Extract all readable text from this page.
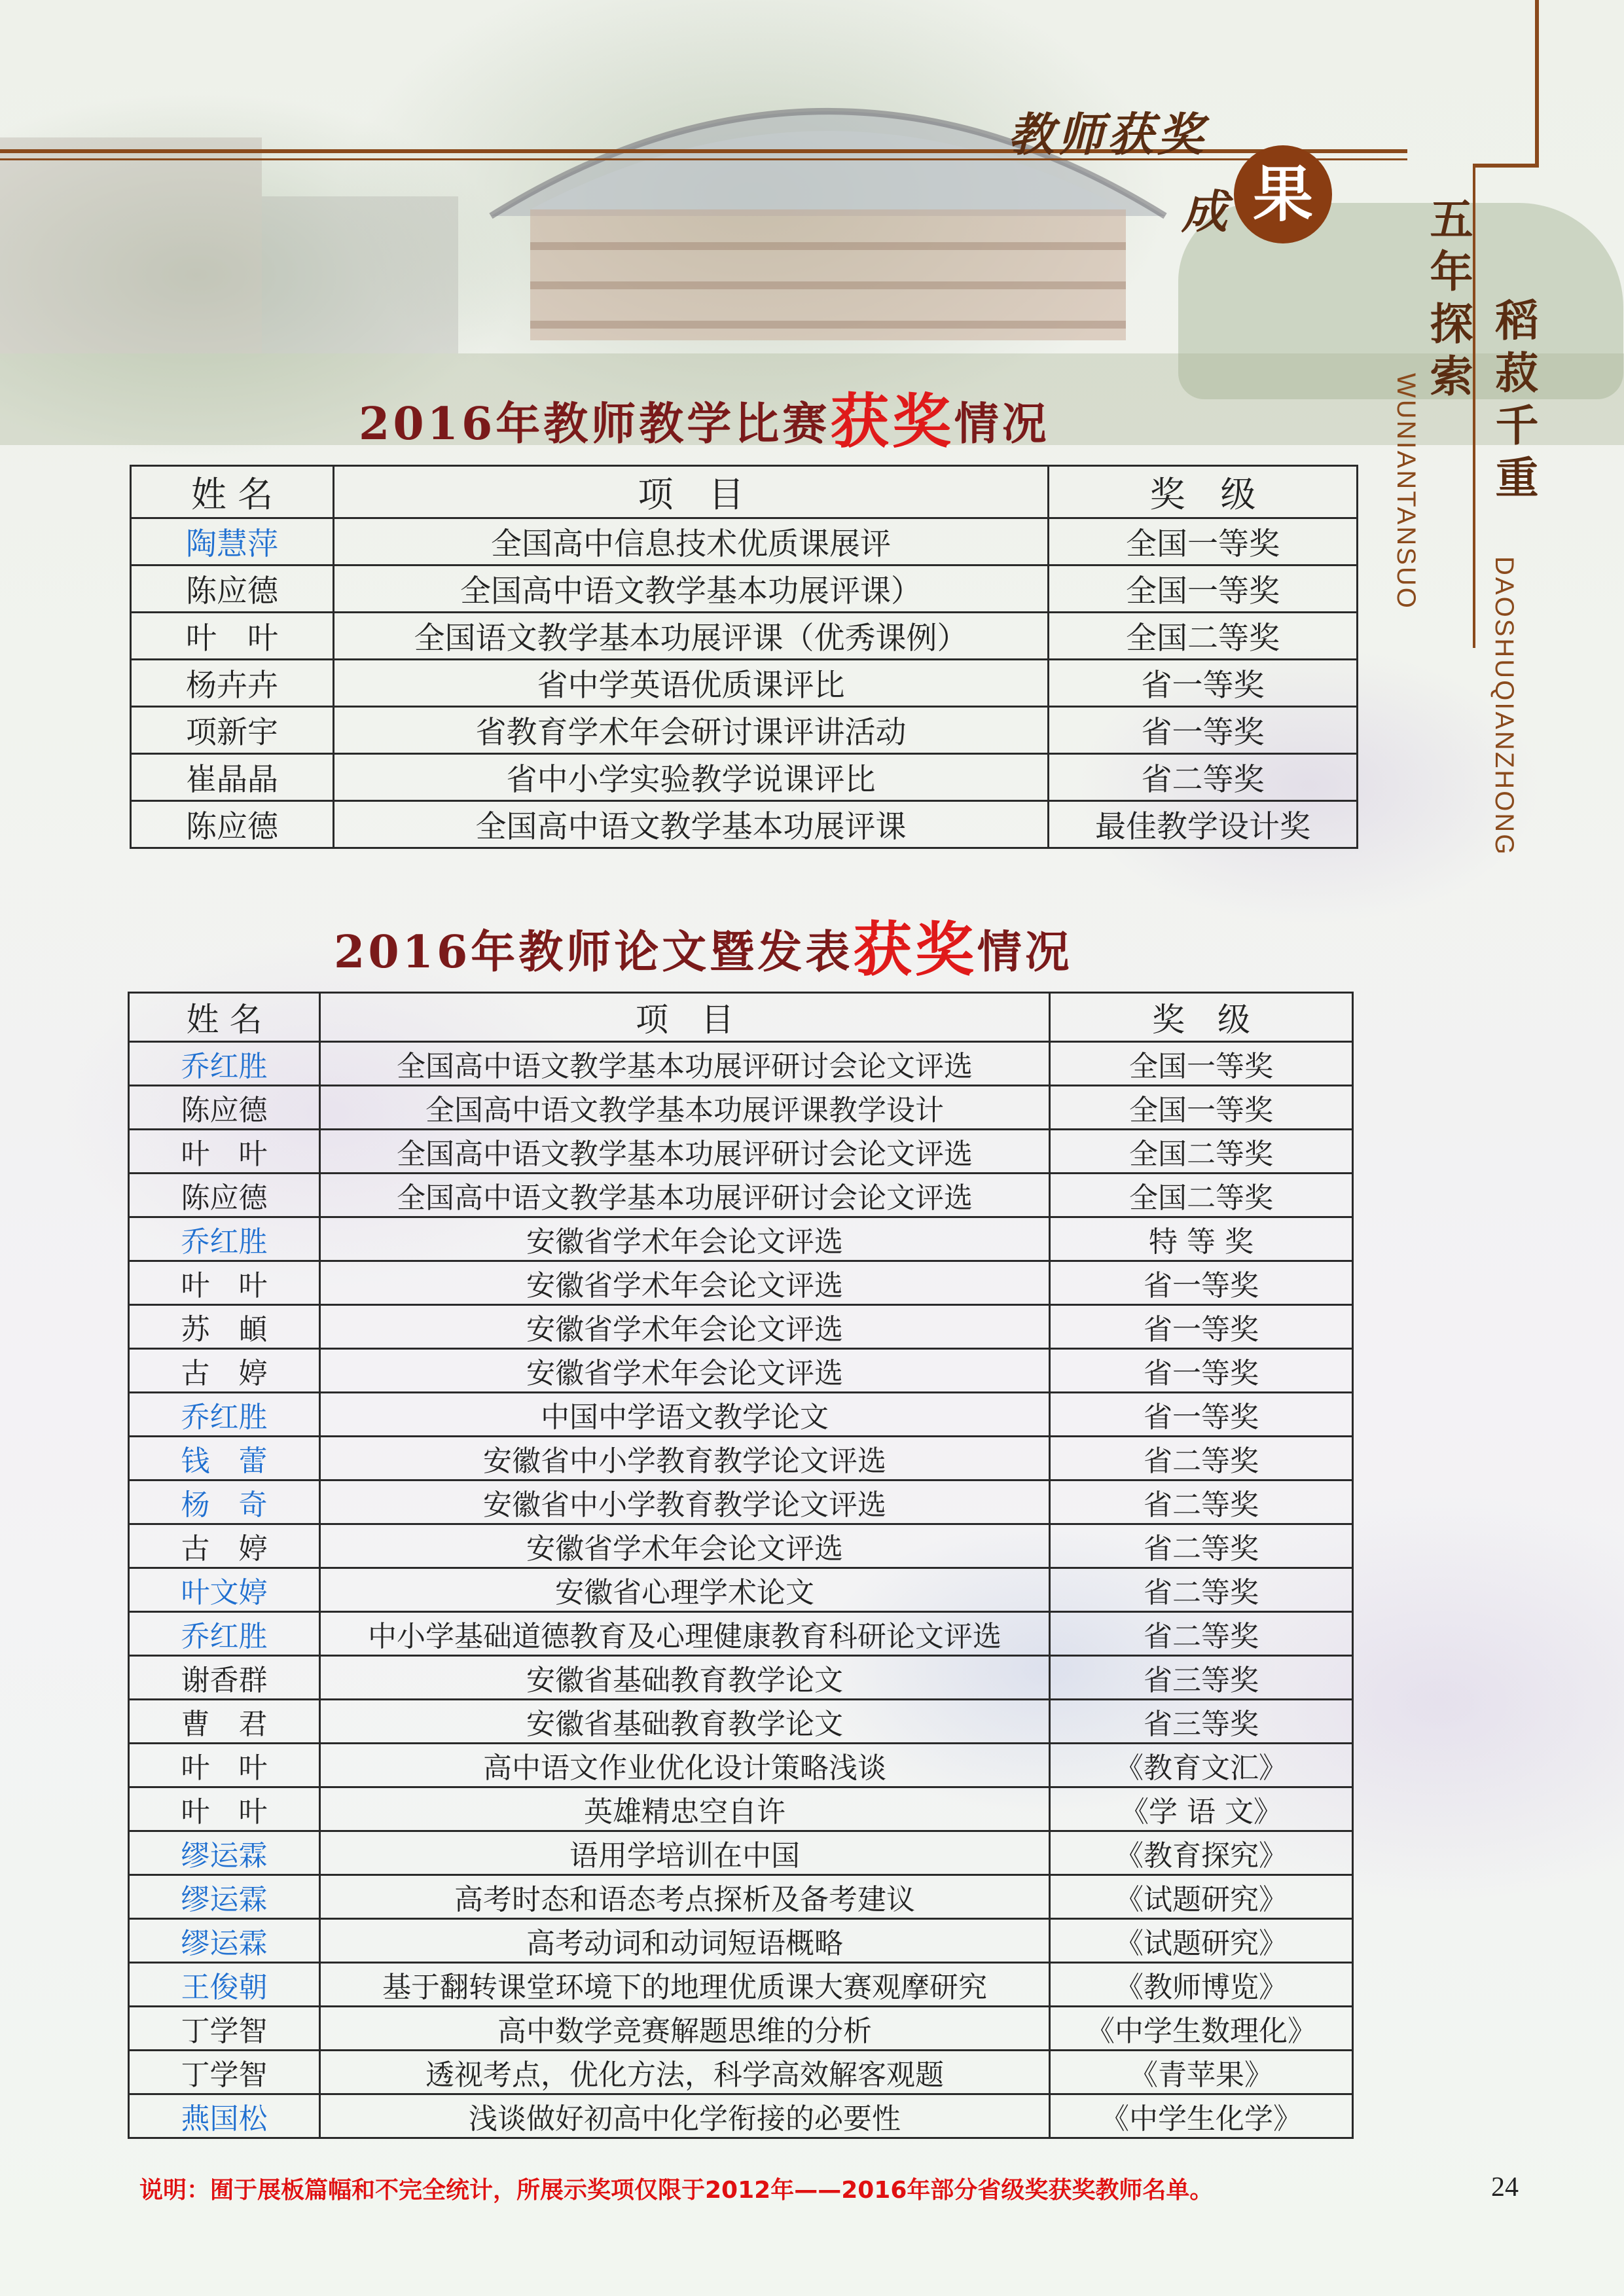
教师获奖
成 果
稻菽千重
DAOSHUQIANZHONG
五年探索
WUNIANTANSUO
2016年教师教学比赛获奖情况
姓 名	项　目	奖　级
陶慧萍	全国高中信息技术优质课展评	全国一等奖
陈应德	全国高中语文教学基本功展评课）	全国一等奖
叶　叶	全国语文教学基本功展评课（优秀课例）	全国二等奖
杨卉卉	省中学英语优质课评比	省一等奖
项新宇	省教育学术年会研讨课评讲活动	省一等奖
崔晶晶	省中小学实验教学说课评比	省二等奖
陈应德	全国高中语文教学基本功展评课	最佳教学设计奖
2016年教师论文暨发表获奖情况
姓 名	项　目	奖　级
乔红胜	全国高中语文教学基本功展评研讨会论文评选	全国一等奖
陈应德	全国高中语文教学基本功展评课教学设计	全国一等奖
叶　叶	全国高中语文教学基本功展评研讨会论文评选	全国二等奖
陈应德	全国高中语文教学基本功展评研讨会论文评选	全国二等奖
乔红胜	安徽省学术年会论文评选	特 等 奖
叶　叶	安徽省学术年会论文评选	省一等奖
苏　頔	安徽省学术年会论文评选	省一等奖
古　婷	安徽省学术年会论文评选	省一等奖
乔红胜	中国中学语文教学论文	省一等奖
钱　蕾	安徽省中小学教育教学论文评选	省二等奖
杨　奇	安徽省中小学教育教学论文评选	省二等奖
古　婷	安徽省学术年会论文评选	省二等奖
叶文婷	安徽省心理学术论文	省二等奖
乔红胜	中小学基础道德教育及心理健康教育科研论文评选	省二等奖
谢香群	安徽省基础教育教学论文	省三等奖
曹　君	安徽省基础教育教学论文	省三等奖
叶　叶	高中语文作业优化设计策略浅谈	《教育文汇》
叶　叶	英雄精忠空自许	《学 语 文》
缪运霖	语用学培训在中国	《教育探究》
缪运霖	高考时态和语态考点探析及备考建议	《试题研究》
缪运霖	高考动词和动词短语概略	《试题研究》
王俊朝	基于翻转课堂环境下的地理优质课大赛观摩研究	《教师博览》
丁学智	高中数学竞赛解题思维的分析	《中学生数理化》
丁学智	透视考点，优化方法，科学高效解客观题	《青苹果》
燕国松	浅谈做好初高中化学衔接的必要性	《中学生化学》
说明：囿于展板篇幅和不完全统计，所展示奖项仅限于2012年——2016年部分省级奖获奖教师名单。	24
